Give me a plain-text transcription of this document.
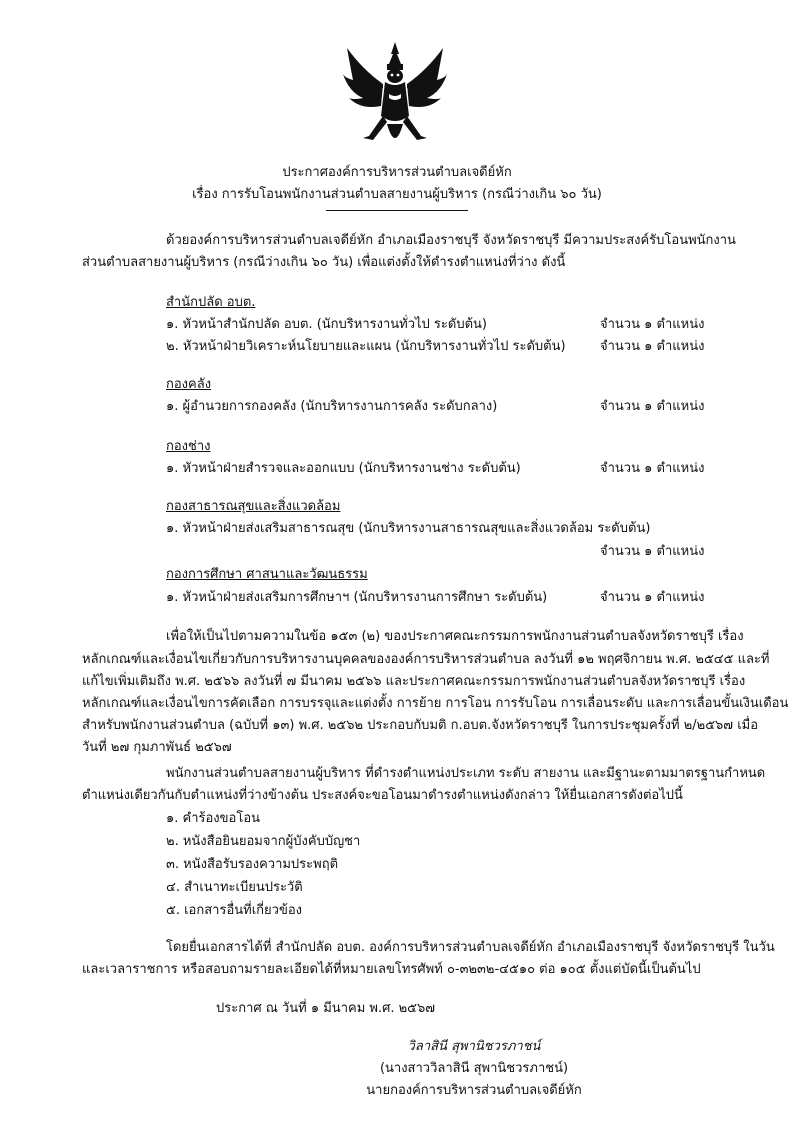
ประกาศองค์การบริหารส่วนตำบลเจดีย์หัก
เรื่อง การรับโอนพนักงานส่วนตำบลสายงานผู้บริหาร (กรณีว่างเกิน ๖๐ วัน)
ด้วยองค์การบริหารส่วนตำบลเจดีย์หัก อำเภอเมืองราชบุรี จังหวัดราชบุรี มีความประสงค์รับโอนพนักงาน
ส่วนตำบลสายงานผู้บริหาร (กรณีว่างเกิน ๖๐ วัน) เพื่อแต่งตั้งให้ดำรงตำแหน่งที่ว่าง ดังนี้
สำนักปลัด อบต.
๑. หัวหน้าสำนักปลัด อบต. (นักบริหารงานทั่วไป ระดับต้น)	จำนวน ๑ ตำแหน่ง
๒. หัวหน้าฝ่ายวิเคราะห์นโยบายและแผน (นักบริหารงานทั่วไป ระดับต้น)	จำนวน ๑ ตำแหน่ง
กองคลัง
๑. ผู้อำนวยการกองคลัง (นักบริหารงานการคลัง ระดับกลาง)	จำนวน ๑ ตำแหน่ง
กองช่าง
๑. หัวหน้าฝ่ายสำรวจและออกแบบ (นักบริหารงานช่าง ระดับต้น)	จำนวน ๑ ตำแหน่ง
กองสาธารณสุขและสิ่งแวดล้อม
๑. หัวหน้าฝ่ายส่งเสริมสาธารณสุข (นักบริหารงานสาธารณสุขและสิ่งแวดล้อม ระดับต้น)
จำนวน ๑ ตำแหน่ง
กองการศึกษา ศาสนาและวัฒนธรรม
๑. หัวหน้าฝ่ายส่งเสริมการศึกษาฯ (นักบริหารงานการศึกษา ระดับต้น)	จำนวน ๑ ตำแหน่ง
เพื่อให้เป็นไปตามความในข้อ ๑๕๓ (๒) ของประกาศคณะกรรมการพนักงานส่วนตำบลจังหวัดราชบุรี เรื่อง
หลักเกณฑ์และเงื่อนไขเกี่ยวกับการบริหารงานบุคคลขององค์การบริหารส่วนตำบล ลงวันที่ ๑๒ พฤศจิกายน พ.ศ. ๒๕๔๕ และที่
แก้ไขเพิ่มเติมถึง พ.ศ. ๒๕๖๖ ลงวันที่ ๗ มีนาคม ๒๕๖๖ และประกาศคณะกรรมการพนักงานส่วนตำบลจังหวัดราชบุรี เรื่อง
หลักเกณฑ์และเงื่อนไขการคัดเลือก การบรรจุและแต่งตั้ง การย้าย การโอน การรับโอน การเลื่อนระดับ และการเลื่อนขั้นเงินเดือน
สำหรับพนักงานส่วนตำบล (ฉบับที่ ๑๓) พ.ศ. ๒๕๖๒ ประกอบกับมติ ก.อบต.จังหวัดราชบุรี ในการประชุมครั้งที่ ๒/๒๕๖๗ เมื่อ
วันที่ ๒๗ กุมภาพันธ์ ๒๕๖๗
พนักงานส่วนตำบลสายงานผู้บริหาร ที่ดำรงตำแหน่งประเภท ระดับ สายงาน และมีฐานะตามมาตรฐานกำหนด
ตำแหน่งเดียวกันกับตำแหน่งที่ว่างข้างต้น ประสงค์จะขอโอนมาดำรงตำแหน่งดังกล่าว ให้ยื่นเอกสารดังต่อไปนี้
๑. คำร้องขอโอน
๒. หนังสือยินยอมจากผู้บังคับบัญชา
๓. หนังสือรับรองความประพฤติ
๔. สำเนาทะเบียนประวัติ
๕. เอกสารอื่นที่เกี่ยวข้อง
โดยยื่นเอกสารได้ที่ สำนักปลัด อบต. องค์การบริหารส่วนตำบลเจดีย์หัก อำเภอเมืองราชบุรี จังหวัดราชบุรี ในวัน
และเวลาราชการ หรือสอบถามรายละเอียดได้ที่หมายเลขโทรศัพท์ ๐-๓๒๓๒-๔๕๑๐ ต่อ ๑๐๕ ตั้งแต่บัดนี้เป็นต้นไป
ประกาศ ณ วันที่ ๑ มีนาคม พ.ศ. ๒๕๖๗
วิลาสินี สุพานิชวรภาชน์
(นางสาววิลาสินี สุพานิชวรภาชน์)
นายกองค์การบริหารส่วนตำบลเจดีย์หัก
